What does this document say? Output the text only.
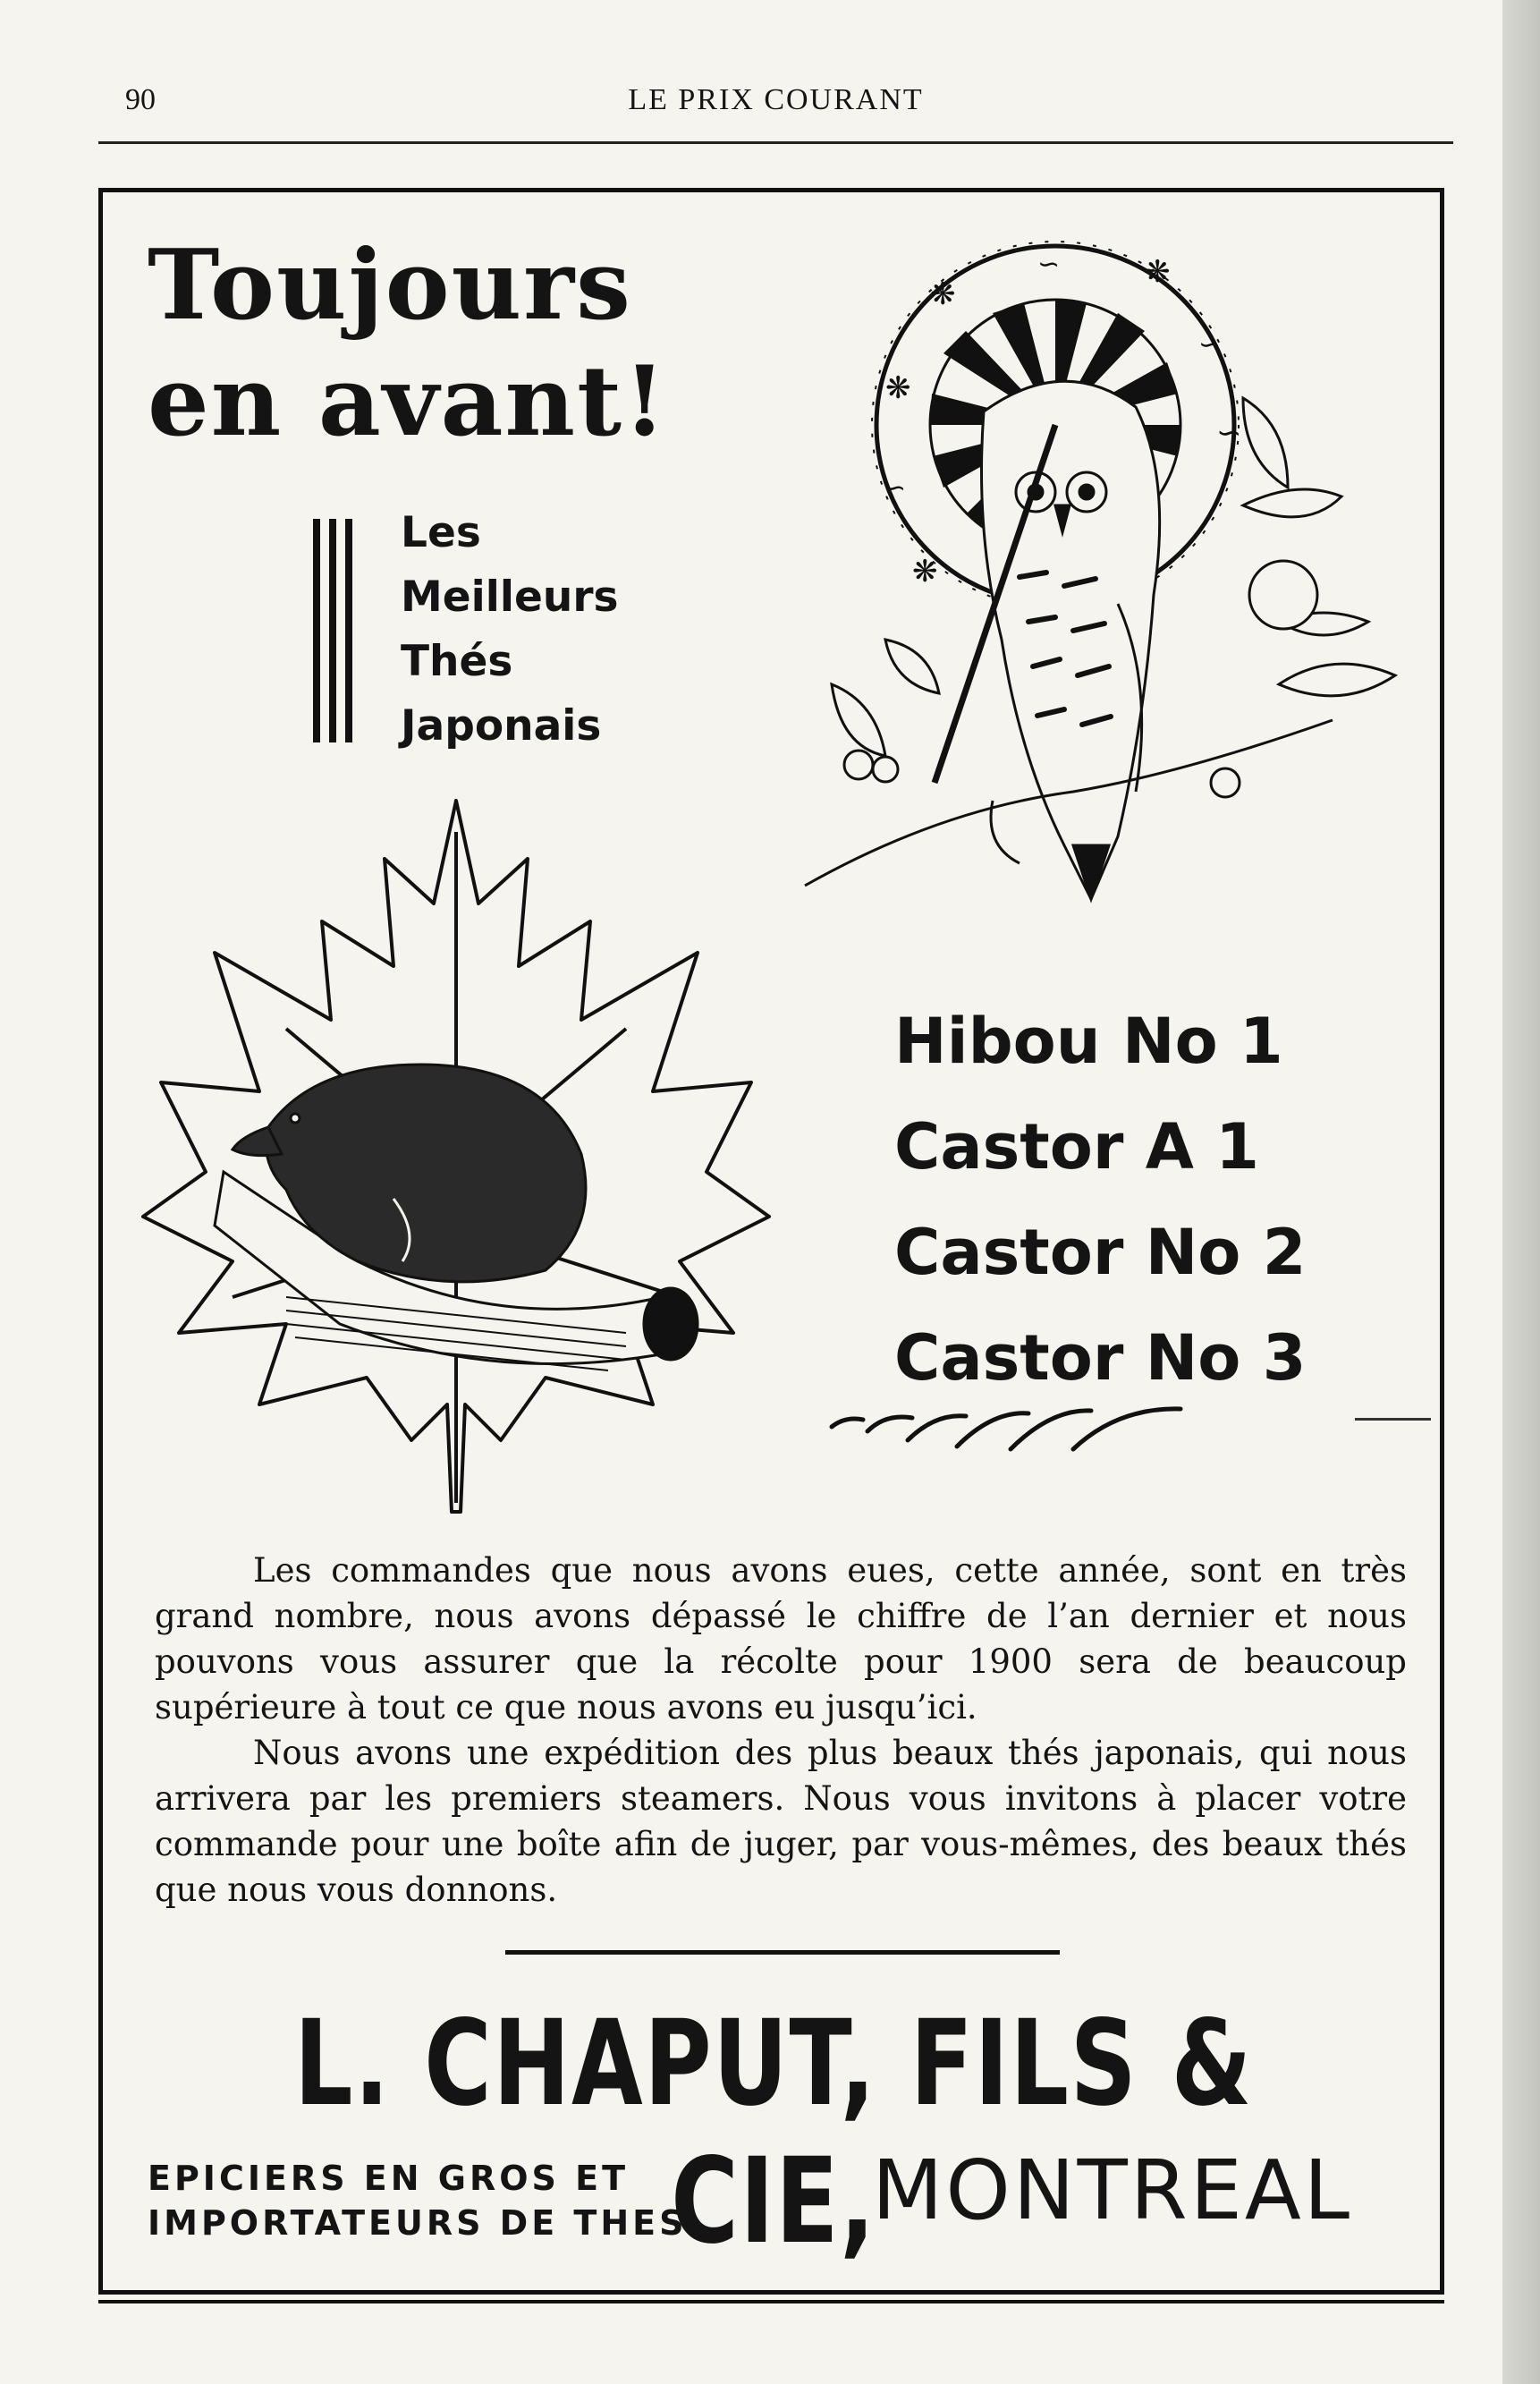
90	LE PRIX COURANT
Toujours
en avant!
Les
Meilleurs
Thés
Japonais
❋
∽	❋
∽
❋
∽
❋
∽
Hibou No 1
Castor A 1
Castor No 2
Castor No 3

Les commandes que nous avons eues, cette année, sont en très grand nombre, nous avons dépassé le chiffre de l’an dernier et nous pouvons vous assurer que la récolte pour 1900 sera de beaucoup supérieure à tout ce que nous avons eu jusqu’ici.

Nous avons une expédition des plus beaux thés japonais, qui nous arrivera par les premiers steamers. Nous vous invitons à placer votre commande pour une boîte afin de juger, par vous-mêmes, des beaux thés que nous vous donnons.

L. CHAPUT, FILS & CIE,
EPICIERS EN GROS ET
IMPORTATEURS DE THES	MONTREAL
